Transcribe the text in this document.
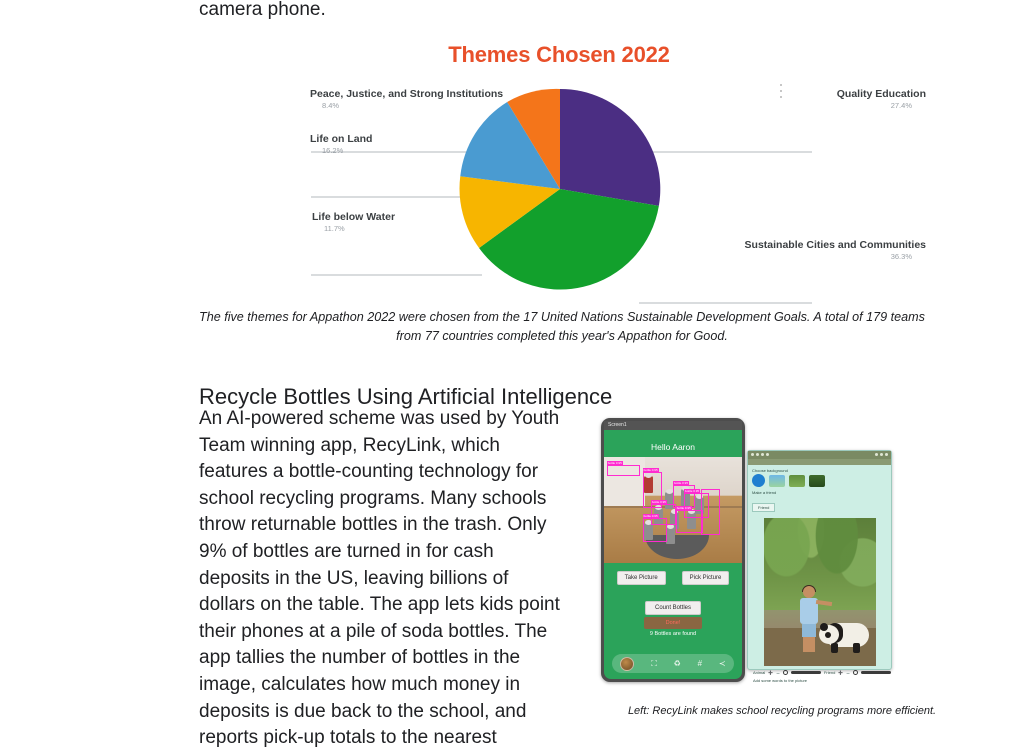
camera phone.
Themes Chosen 2022
Peace, Justice, and Strong Institutions
8.4%
Life on Land
16.2%
Life below Water
11.7%
Quality Education
27.4%
Sustainable Cities and Communities
36.3%
The five themes for Appathon 2022 were chosen from the 17 United Nations Sustainable Development Goals. A total of 179 teams from 77 countries completed this year's Appathon for Good.
Recycle Bottles Using Artificial Intelligence
An AI-powered scheme was used by Youth Team winning app, RecyLink, which features a bottle-counting technology for school recycling programs. Many schools throw returnable bottles in the trash. Only 9% of bottles are turned in for cash deposits in the US, leaving billions of dollars on the table. The app lets kids point their phones at a pile of soda bottles. The app tallies the number of bottles in the image, calculates how much money in deposits is due back to the school, and reports pick-up totals to the nearest
Screen1
Hello Aaron
bottle 0.95
bottle 0.95
bottle 0.95
bottle 0.95
bottle 0.95
bottle 0.95
bottle 0.95
Take Picture	Pick Picture
Count Bottles
Done!
9 Bottles are found
⛶ ♻ # ≺
Choose background
Make a friend
Friend
Animal ➕ ⚊	Friend ➕ ⚊
Add some words to the picture
Left: RecyLink makes school recycling programs more efficient.
